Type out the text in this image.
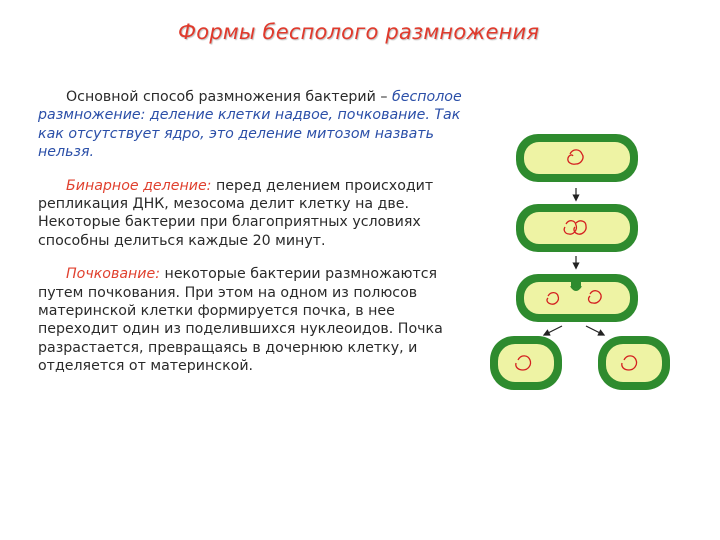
Формы бесполого размножения

Основной способ размножения бактерий – бесполое размножение: деление клетки надвое, почкование. Так как отсутствует ядро, это деление митозом назвать нельзя.

Бинарное деление: перед делением происходит репликация ДНК, мезосома делит клетку на две. Некоторые бактерии при благоприятных условиях способны делиться каждые 20 минут.

Почкование: некоторые бактерии размножаются путем почкования. При этом на одном из полюсов материнской клетки формируется почка, в нее переходит один из поделившихся нуклеоидов. Почка разрастается, превращаясь в дочернюю клетку, и отделяется от материнской.
